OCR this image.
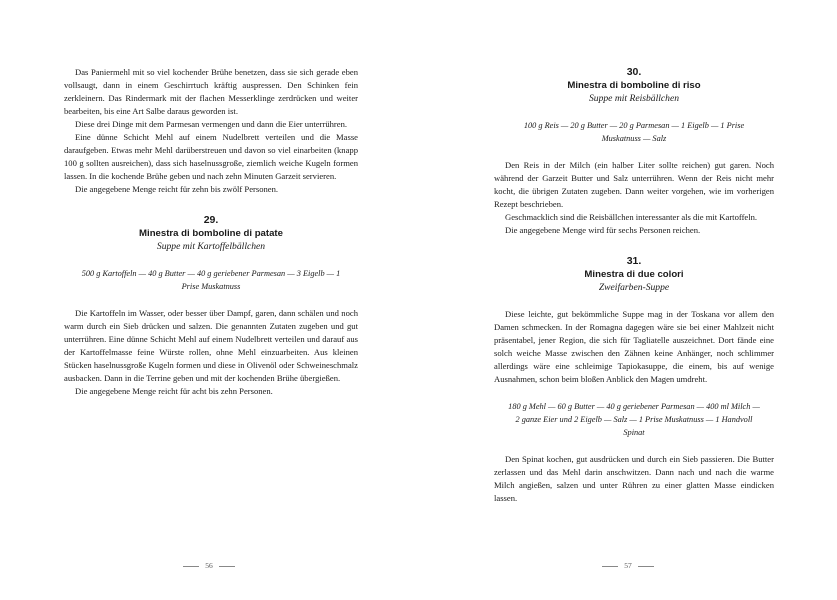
Das Paniermehl mit so viel kochender Brühe benetzen, dass sie sich gerade eben vollsaugt, dann in einem Geschirrtuch kräftig auspressen. Den Schinken fein zerkleinern. Das Rindermark mit der flachen Messerklinge zerdrücken und weiter bearbeiten, bis eine Art Salbe daraus geworden ist.

Diese drei Dinge mit dem Parmesan vermengen und dann die Eier unterrühren.

Eine dünne Schicht Mehl auf einem Nudelbrett verteilen und die Masse daraufgeben. Etwas mehr Mehl darüberstreuen und davon so viel einarbeiten (knapp 100 g sollten ausreichen), dass sich haselnussgroße, ziemlich weiche Kugeln formen lassen. In die kochende Brühe geben und nach zehn Minuten Garzeit servieren.

Die angegebene Menge reicht für zehn bis zwölf Personen.

29.
Minestra di bomboline di patate
Suppe mit Kartoffelbällchen
500 g Kartoffeln — 40 g Butter — 40 g geriebener Parmesan — 3 Eigelb — 1 Prise Muskatnuss

Die Kartoffeln im Wasser, oder besser über Dampf, garen, dann schälen und noch warm durch ein Sieb drücken und salzen. Die genannten Zutaten zugeben und gut unterrühren. Eine dünne Schicht Mehl auf einem Nudelbrett verteilen und darauf aus der Kartoffelmasse feine Würste rollen, ohne Mehl einzuarbeiten. Aus kleinen Stücken haselnussgroße Kugeln formen und diese in Olivenöl oder Schweineschmalz ausbacken. Dann in die Terrine geben und mit der kochenden Brühe übergießen.

Die angegebene Menge reicht für acht bis zehn Personen.

56
30.
Minestra di bomboline di riso
Suppe mit Reisbällchen
100 g Reis — 20 g Butter — 20 g Parmesan — 1 Eigelb — 1 Prise Muskatnuss — Salz

Den Reis in der Milch (ein halber Liter sollte reichen) gut garen. Noch während der Garzeit Butter und Salz unterrühren. Wenn der Reis nicht mehr kocht, die übrigen Zutaten zugeben. Dann weiter vorgehen, wie im vorherigen Rezept beschrieben.

Geschmacklich sind die Reisbällchen interessanter als die mit Kartoffeln.

Die angegebene Menge wird für sechs Personen reichen.

31.
Minestra di due colori
Zweifarben-Suppe

Diese leichte, gut bekömmliche Suppe mag in der Toskana vor allem den Damen schmecken. In der Romagna dagegen wäre sie bei einer Mahlzeit nicht präsentabel, jener Region, die sich für Tagliatelle auszeichnet. Dort fände eine solch weiche Masse zwischen den Zähnen keine Anhänger, noch schlimmer allerdings wäre eine schleimige Tapiokasuppe, die einem, bis auf wenige Ausnahmen, schon beim bloßen Anblick den Magen umdreht.

180 g Mehl — 60 g Butter — 40 g geriebener Parmesan — 400 ml Milch — 2 ganze Eier und 2 Eigelb — Salz — 1 Prise Muskatnuss — 1 Handvoll Spinat

Den Spinat kochen, gut ausdrücken und durch ein Sieb passieren. Die Butter zerlassen und das Mehl darin anschwitzen. Dann nach und nach die warme Milch angießen, salzen und unter Rühren zu einer glatten Masse eindicken lassen.

57
